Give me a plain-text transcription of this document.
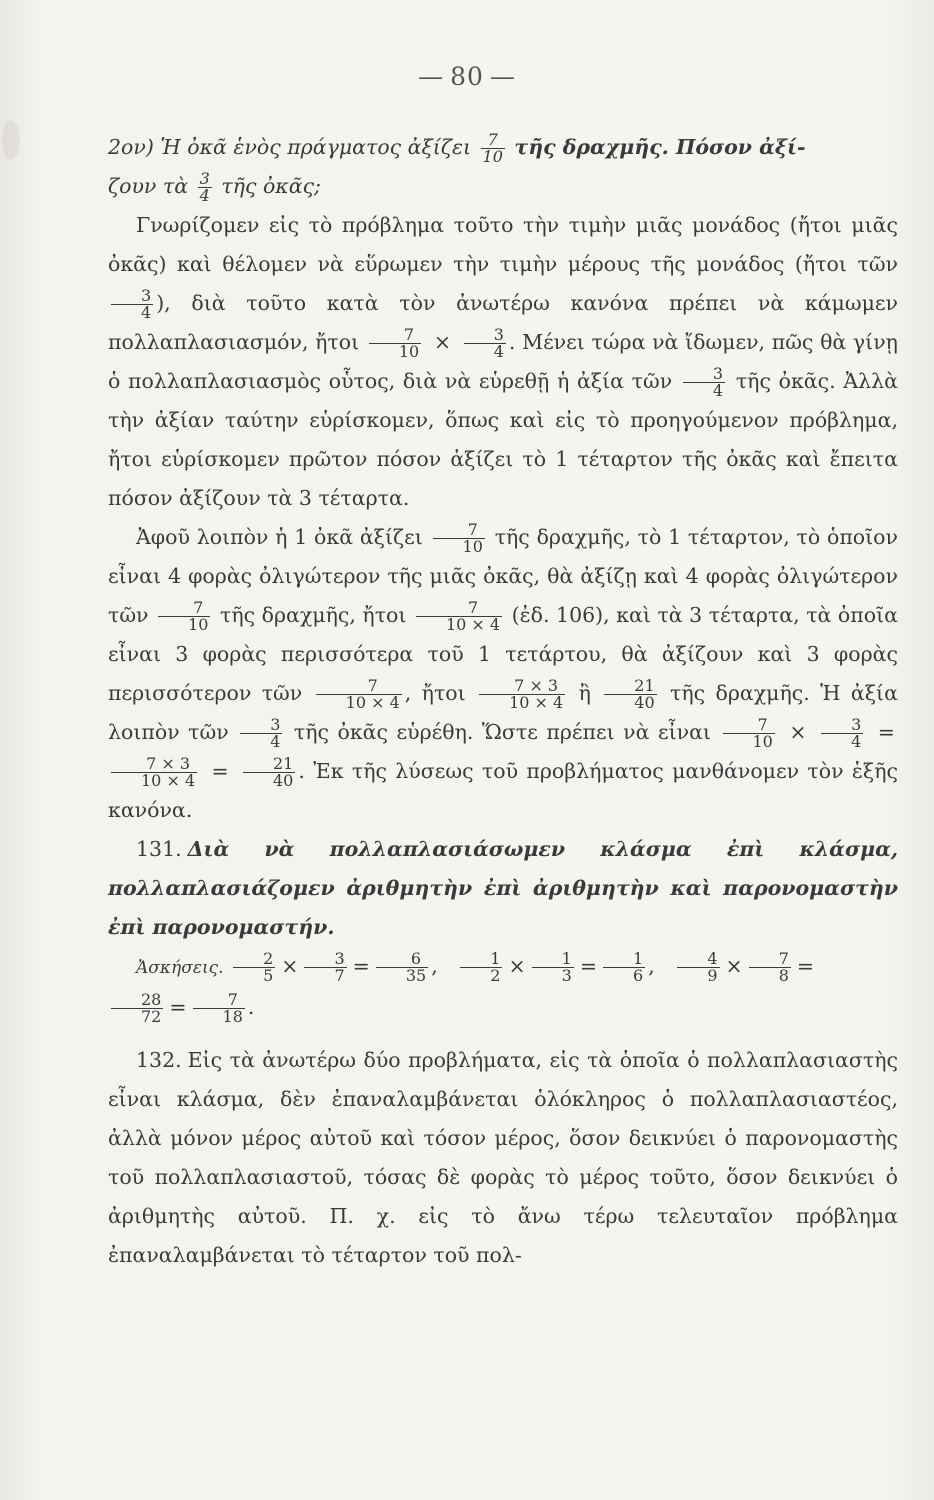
— 80 —

2ον) Ἡ ὀκᾶ ἑνὸς πράγματος ἀξίζει $\frac{7}{10}$ τῆς δραχμῆς. Πόσον ἀξί-
ζουν τὰ $\frac{3}{4}$ τῆς ὀκᾶς;

Γνωρίζομεν εἰς τὸ πρόβλημα τοῦτο τὴν τιμὴν μιᾶς μονάδος (ἤτοι μιᾶς ὀκᾶς) καὶ θέλομεν νὰ εὕρωμεν τὴν τιμὴν μέρους τῆς μονάδος (ἤτοι τῶν
$\frac{3}{4}$ ), διὰ τοῦτο κατὰ τὸν ἀνωτέρω κανόνα πρέπει νὰ κάμωμεν πολλαπλασιασμόν, ἤτοι $\frac{7}{10} \times \frac{3}{4}$ . Μένει τώρα νὰ ἴδωμεν, πῶς θὰ γίνῃ ὁ πολλαπλασιασμὸς οὗτος, διὰ νὰ εὑρεθῇ ἡ ἀξία τῶν $\frac{3}{4}$ τῆς ὀκᾶς. Ἀλλὰ τὴν ἀξίαν ταύτην εὑρίσκομεν, ὅπως καὶ εἰς τὸ προηγούμενον πρόβλημα, ἤτοι εὑρίσκομεν πρῶτον πόσον ἀξίζει τὸ 1 τέταρτον τῆς ὀκᾶς καὶ ἔπειτα πόσον ἀξίζουν τὰ 3 τέταρτα.

Ἀφοῦ λοιπὸν ἡ 1 ὀκᾶ ἀξίζει $\frac{7}{10}$ τῆς δραχμῆς, τὸ 1 τέταρτον, τὸ ὁποῖον εἶναι 4 φορὰς ὀλιγώτερον τῆς μιᾶς ὀκᾶς, θὰ ἀξίζῃ καὶ 4 φορὰς ὀλιγώτερον τῶν $\frac{7}{10}$ τῆς δραχμῆς, ἤτοι $\frac{7}{10 \times 4}$ (ἐδ. 106), καὶ τὰ 3 τέταρτα, τὰ ὁποῖα εἶναι 3 φορὰς περισσότερα τοῦ 1 τετάρτου, θὰ ἀξίζουν καὶ 3 φορὰς περισσότερον τῶν $\frac{7}{10 \times 4}$ , ἤτοι $\frac{7 \times 3}{10 \times 4}$ ἢ $\frac{21}{40}$ τῆς δραχμῆς. Ἡ ἀξία λοιπὸν τῶν $\frac{3}{4}$ τῆς ὀκᾶς εὑρέθη. Ὥστε πρέπει νὰ εἶναι $\frac{7}{10} \times \frac{3}{4}$ =
$\frac{7 \times 3}{10 \times 4} = \frac{21}{40}$ . Ἐκ τῆς λύσεως τοῦ προβλήματος μανθάνομεν τὸν ἑξῆς κανόνα.

131. Διὰ νὰ πολλαπλασιάσωμεν κλάσμα ἐπὶ κλάσμα, πολλαπλασιάζομεν ἀριθμητὴν ἐπὶ ἀριθμητὴν καὶ παρονομαστὴν ἐπὶ παρονομαστήν.

Ἀσκήσεις. $\frac{2}{5} \times \frac{3}{7} = \frac{6}{35}$ , $\frac{1}{2} \times \frac{1}{3} = \frac{1}{6}$ , $\frac{4}{9} \times \frac{7}{8}$ =

$\frac{28}{72} = \frac{7}{18}$ .

132. Εἰς τὰ ἀνωτέρω δύο προβλήματα, εἰς τὰ ὁποῖα ὁ πολλαπλασιαστὴς εἶναι κλάσμα, δὲν ἐπαναλαμβάνεται ὁλόκληρος ὁ πολλαπλασιαστέος, ἀλλὰ μόνον μέρος αὐτοῦ καὶ τόσον μέρος, ὅσον δεικνύει ὁ παρονομαστὴς τοῦ πολλαπλασιαστοῦ, τόσας δὲ φορὰς τὸ μέρος τοῦτο, ὅσον δεικνύει ὁ ἀριθμητὴς αὐτοῦ. Π. χ. εἰς τὸ ἄνω τέρω τελευταῖον πρόβλημα ἐπαναλαμβάνεται τὸ τέταρτον τοῦ πολ-
